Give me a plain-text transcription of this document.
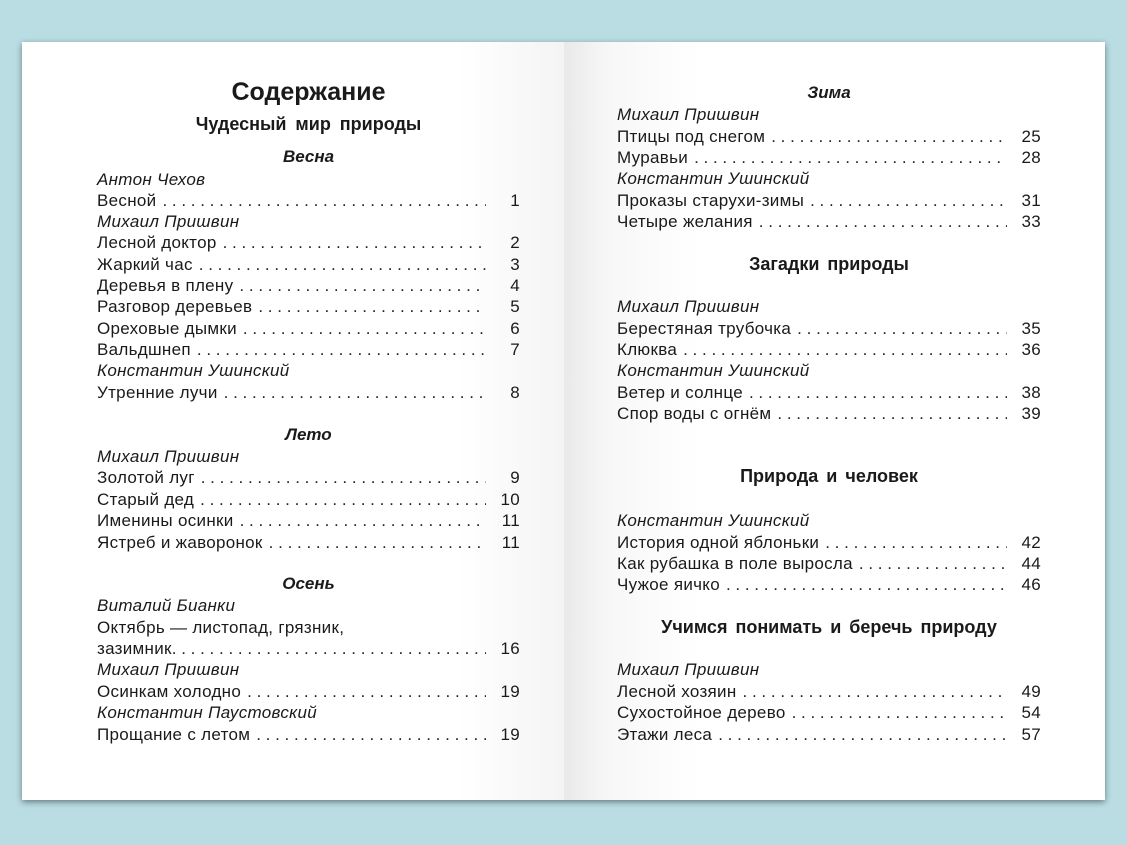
Содержание
Чудесный мир природы
Весна
Антон Чехов
Весной . . .	1
Михаил Пришвин
Лесной доктор . . .	2
Жаркий час . . .	3
Деревья в плену . . .	4
Разговор деревьев . . .	5
Ореховые дымки . . .	6
Вальдшнеп . . .	7
Константин Ушинский
Утренние лучи . . .	8
Лето
Михаил Пришвин
Золотой луг . . .	9
Старый дед . . .	10
Именины осинки . . .	11
Ястреб и жаворонок . . .	11
Осень
Виталий Бианки
Октябрь — листопад, грязник,
зазимник . . .	16
Михаил Пришвин
Осинкам холодно . . .	19
Константин Паустовский
Прощание с летом . . .	19
Зима
Михаил Пришвин
Птицы под снегом . . .	25
Муравьи . . .	28
Константин Ушинский
Проказы старухи-зимы . . .	31
Четыре желания . . .	33
Загадки природы
Михаил Пришвин
Берестяная трубочка . . .	35
Клюква . . .	36
Константин Ушинский
Ветер и солнце . . .	38
Спор воды с огнём . . .	39
Природа и человек
Константин Ушинский
История одной яблоньки . . .	42
Как рубашка в поле выросла . . .	44
Чужое яичко . . .	46
Учимся понимать и беречь природу
Михаил Пришвин
Лесной хозяин . . .	49
Сухостойное дерево . . .	54
Этажи леса . . .	57
